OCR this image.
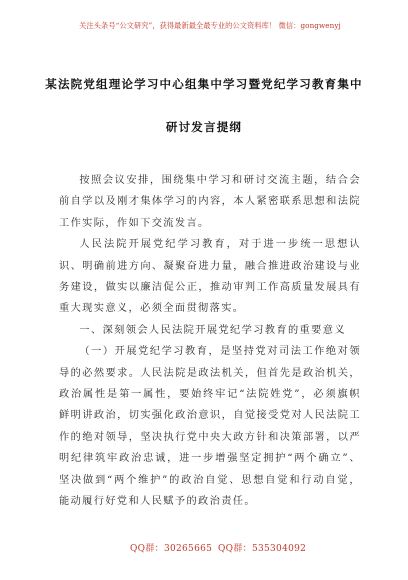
关注头条号“公文研究”，获得最新最全最专业的公文资料库！ 微信：gongwenyj
某法院党组理论学习中心组集中学习暨党纪学习教育集中
研讨发言提纲

按照会议安排，围绕集中学习和研讨交流主题，结合会前自学以及刚才集体学习的内容，本人紧密联系思想和法院工作实际，作如下交流发言。

人民法院开展党纪学习教育，对于进一步统一思想认识、明确前进方向、凝聚奋进力量，融合推进政治建设与业务建设，做实以廉洁促公正，推动审判工作高质量发展具有重大现实意义，必须全面贯彻落实。

一、深刻领会人民法院开展党纪学习教育的重要意义

（一）开展党纪学习教育，是坚持党对司法工作绝对领导的必然要求。人民法院是政法机关，但首先是政治机关，政治属性是第一属性，要始终牢记“法院姓党”，必须旗帜鲜明讲政治，切实强化政治意识，自觉接受党对人民法院工作的绝对领导，坚决执行党中央大政方针和决策部署，以严明纪律筑牢政治忠诚，进一步增强坚定拥护“两个确立”、坚决做到“两个维护”的政治自觉、思想自觉和行动自觉，能动履行好党和人民赋予的政治责任。

QQ群：30265665 QQ群：535304092
